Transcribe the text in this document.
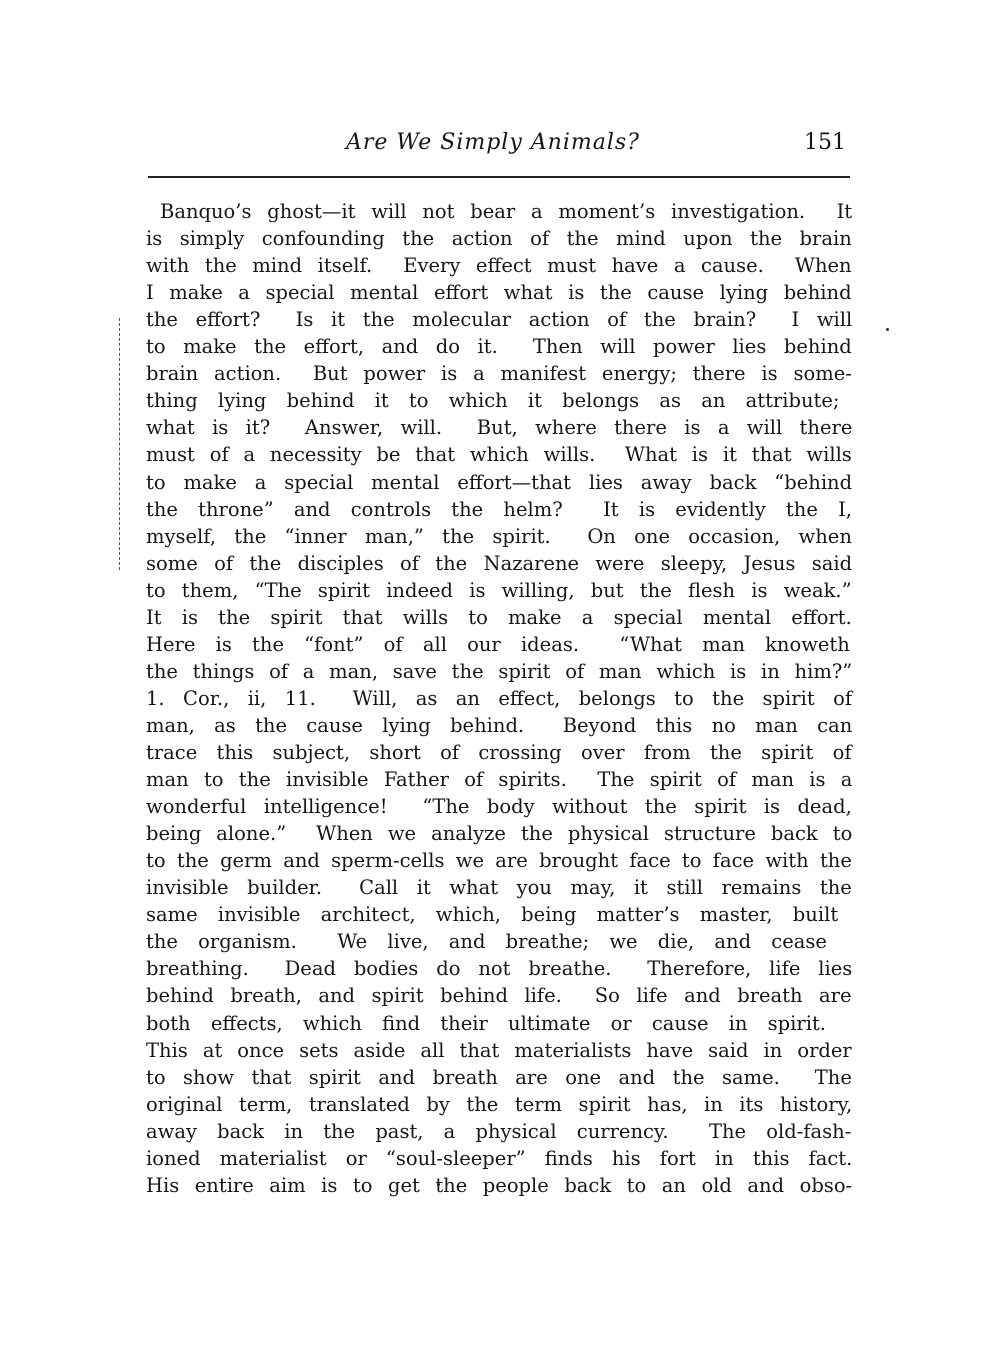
Are We Simply Animals?	151
Banquo’s ghost—it will not bear a moment’s investigation.  It
is simply confounding the action of the mind upon the brain
with the mind itself.  Every effect must have a cause.  When
I make a special mental effort what is the cause lying behind
the effort?  Is it the molecular action of the brain?  I will
to make the effort, and do it.  Then will power lies behind
brain action.  But power is a manifest energy; there is some-
thing lying behind it to which it belongs as an attribute;
what is it?  Answer, will.  But, where there is a will there
must of a necessity be that which wills.  What is it that wills
to make a special mental effort—that lies away back “behind
the throne” and controls the helm?  It is evidently the I,
myself, the “inner man,” the spirit.  On one occasion, when
some of the disciples of the Nazarene were sleepy, Jesus said
to them, “The spirit indeed is willing, but the flesh is weak.”
It is the spirit that wills to make a special mental effort.
Here is the “font” of all our ideas.  “What man knoweth
the things of a man, save the spirit of man which is in him?”
1. Cor., ii, 11.  Will, as an effect, belongs to the spirit of
man, as the cause lying behind.  Beyond this no man can
trace this subject, short of crossing over from the spirit of
man to the invisible Father of spirits.  The spirit of man is a
wonderful intelligence!  “The body without the spirit is dead,
being alone.”  When we analyze the physical structure back to
to the germ and sperm-cells we are brought face to face with the
invisible builder.  Call it what you may, it still remains the
same invisible architect, which, being matter’s master, built
the organism.  We live, and breathe; we die, and cease
breathing.  Dead bodies do not breathe.  Therefore, life lies
behind breath, and spirit behind life.  So life and breath are
both effects, which find their ultimate or cause in spirit.
This at once sets aside all that materialists have said in order
to show that spirit and breath are one and the same.  The
original term, translated by the term spirit has, in its history,
away back in the past, a physical currency.  The old-fash-
ioned materialist or “soul-sleeper” finds his fort in this fact.
His entire aim is to get the people back to an old and obso-
